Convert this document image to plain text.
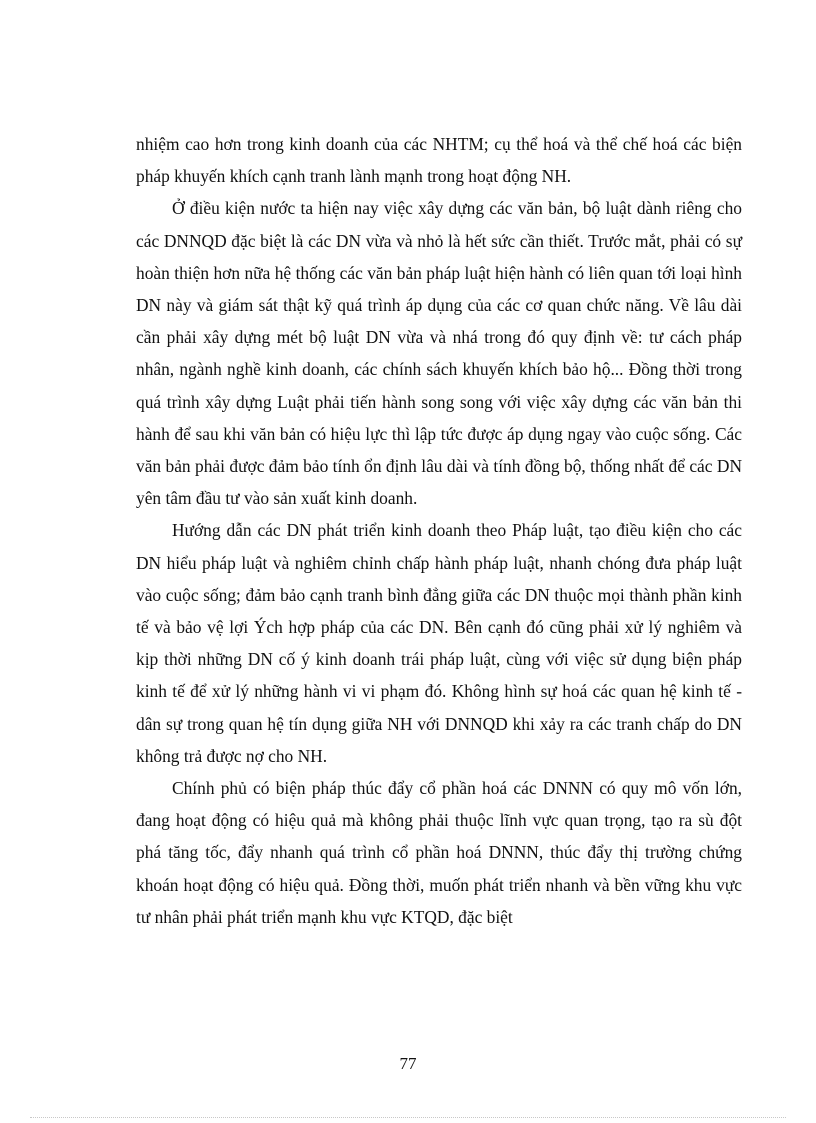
nhiệm cao hơn trong kinh doanh của các NHTM; cụ thể hoá và thể chế hoá các biện pháp khuyến khích cạnh tranh lành mạnh trong hoạt động NH.

Ở điều kiện nước ta hiện nay việc xây dựng các văn bản, bộ luật dành riêng cho các DNNQD đặc biệt là các DN vừa và nhỏ là hết sức cần thiết. Trước mắt, phải có sự hoàn thiện hơn nữa hệ thống các văn bản pháp luật hiện hành có liên quan tới loại hình DN này và giám sát thật kỹ quá trình áp dụng của các cơ quan chức năng. Về lâu dài cần phải xây dựng mét bộ luật DN vừa và nhá trong đó quy định về: tư cách pháp nhân, ngành nghề kinh doanh, các chính sách khuyến khích bảo hộ... Đồng thời trong quá trình xây dựng Luật phải tiến hành song song với việc xây dựng các văn bản thi hành để sau khi văn bản có hiệu lực thì lập tức được áp dụng ngay vào cuộc sống. Các văn bản phải được đảm bảo tính ổn định lâu dài và tính đồng bộ, thống nhất để các DN yên tâm đầu tư vào sản xuất kinh doanh.

Hướng dẫn các DN phát triển kinh doanh theo Pháp luật, tạo điều kiện cho các DN hiểu pháp luật và nghiêm chỉnh chấp hành pháp luật, nhanh chóng đưa pháp luật vào cuộc sống; đảm bảo cạnh tranh bình đẳng giữa các DN thuộc mọi thành phần kinh tế và bảo vệ lợi Ých hợp pháp của các DN. Bên cạnh đó cũng phải xử lý nghiêm và kịp thời những DN cố ý kinh doanh trái pháp luật, cùng với việc sử dụng biện pháp kinh tế để xử lý những hành vi vi phạm đó. Không hình sự hoá các quan hệ kinh tế - dân sự trong quan hệ tín dụng giữa NH với DNNQD khi xảy ra các tranh chấp do DN không trả được nợ cho NH.

Chính phủ có biện pháp thúc đẩy cổ phần hoá các DNNN có quy mô vốn lớn, đang hoạt động có hiệu quả mà không phải thuộc lĩnh vực quan trọng, tạo ra sù đột phá tăng tốc, đẩy nhanh quá trình cổ phần hoá DNNN, thúc đẩy thị trường chứng khoán hoạt động có hiệu quả. Đồng thời, muốn phát triển nhanh và bền vững khu vực tư nhân phải phát triển mạnh khu vực KTQD, đặc biệt

77
